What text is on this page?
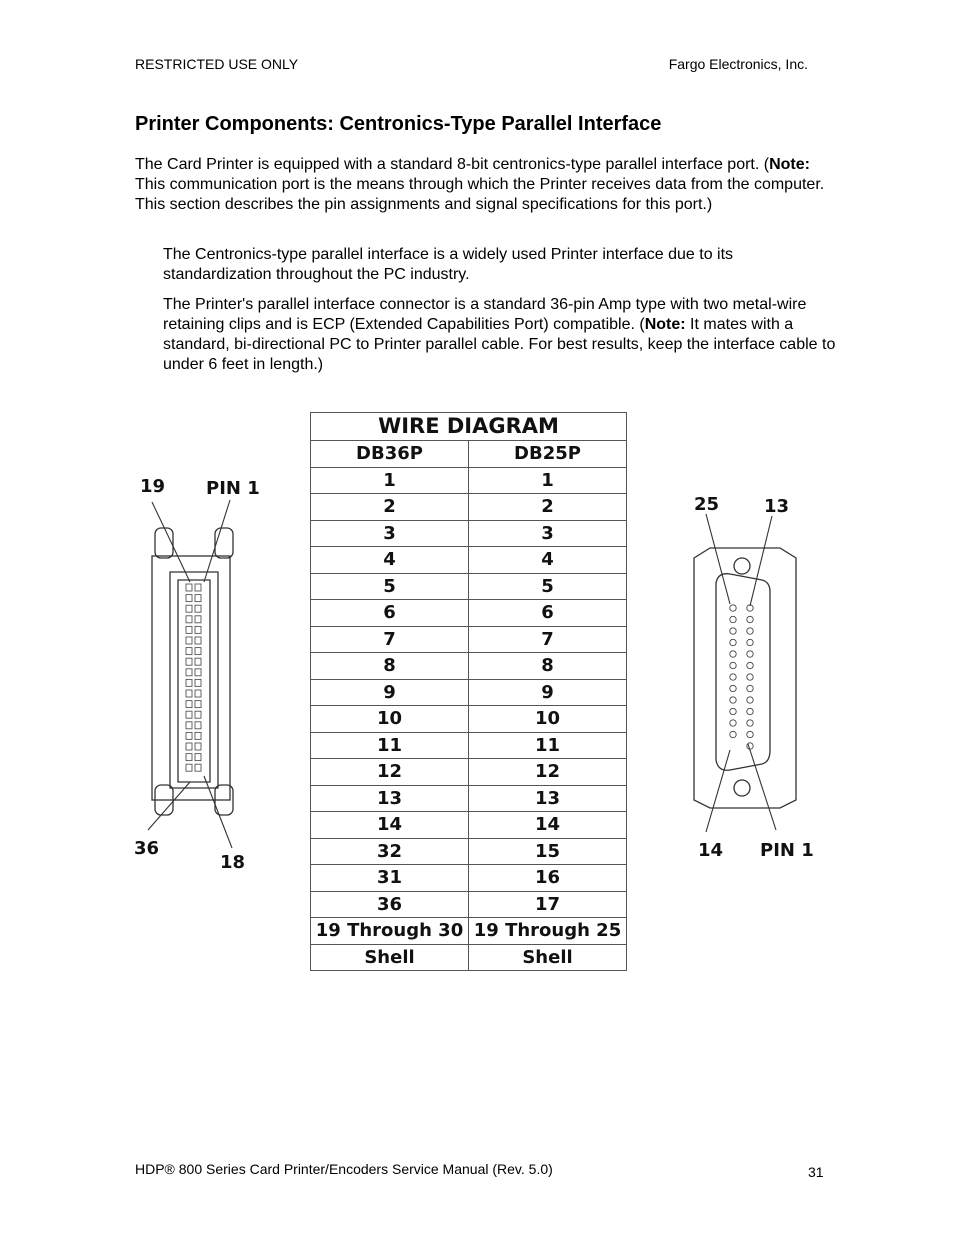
RESTRICTED USE ONLY	Fargo Electronics, Inc.
Printer Components: Centronics-Type Parallel Interface

The Card Printer is equipped with a standard 8-bit centronics-type parallel interface port. (Note: This communication port is the means through which the Printer receives data from the computer. This section describes the pin assignments and signal specifications for this port.)

The Centronics-type parallel interface is a widely used Printer interface due to its standardization throughout the PC industry.

The Printer's parallel interface connector is a standard 36-pin Amp type with two metal-wire retaining clips and is ECP (Extended Capabilities Port) compatible. (Note: It mates with a standard, bi-directional PC to Printer parallel cable. For best results, keep the interface cable to under 6 feet in length.)

19 PIN 1
36
18
WIRE DIAGRAM	
DB36P	DB25P
1	1
2	2
3	3
4	4
5	5
6	6
7	7
8	8
9	9
10	10
11	11
12	12
13	13
14	14
32	15
31	16
36	17
19 Through 30	19 Through 25
Shell	Shell
25 13
14 PIN 1
HDP® 800 Series Card Printer/Encoders Service Manual (Rev. 5.0)	31
